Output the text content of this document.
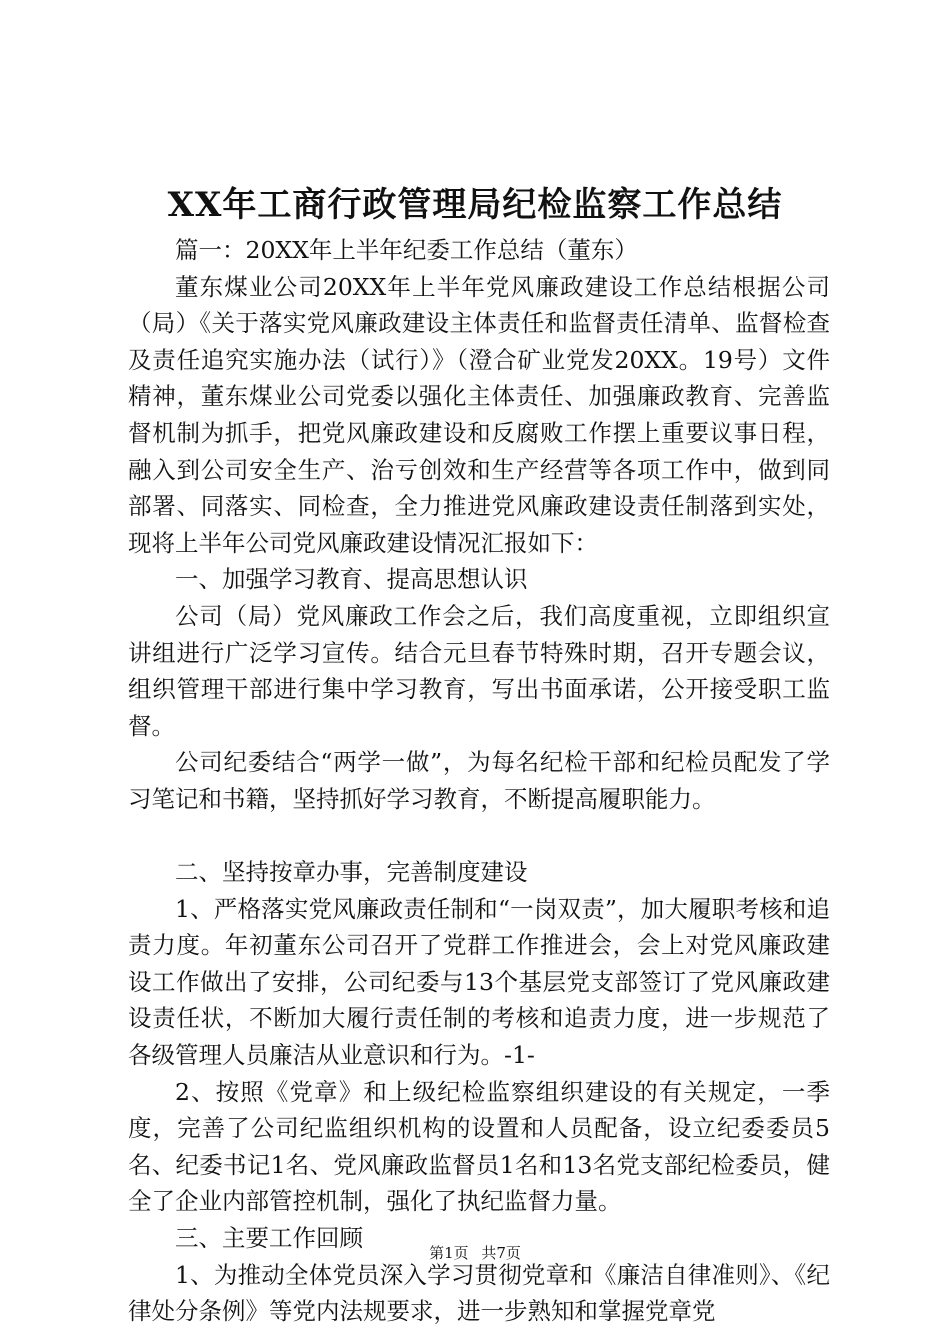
XX年工商行政管理局纪检监察工作总结

篇一：20XX年上半年纪委工作总结（董东）

董东煤业公司20XX年上半年党风廉政建设工作总结根据公司（局）《关于落实党风廉政建设主体责任和监督责任清单、监督检查及责任追究实施办法（试行）》（澄合矿业党发20XX。19号）文件精神，董东煤业公司党委以强化主体责任、加强廉政教育、完善监督机制为抓手，把党风廉政建设和反腐败工作摆上重要议事日程，融入到公司安全生产、治亏创效和生产经营等各项工作中，做到同部署、同落实、同检查，全力推进党风廉政建设责任制落到实处，现将上半年公司党风廉政建设情况汇报如下：

一、加强学习教育、提高思想认识

公司（局）党风廉政工作会之后，我们高度重视，立即组织宣讲组进行广泛学习宣传。结合元旦春节特殊时期，召开专题会议，组织管理干部进行集中学习教育，写出书面承诺，公开接受职工监督。

公司纪委结合“两学一做”，为每名纪检干部和纪检员配发了学习笔记和书籍，坚持抓好学习教育，不断提高履职能力。

二、坚持按章办事，完善制度建设

1、严格落实党风廉政责任制和“一岗双责”，加大履职考核和追责力度。年初董东公司召开了党群工作推进会，会上对党风廉政建设工作做出了安排，公司纪委与13个基层党支部签订了党风廉政建设责任状，不断加大履行责任制的考核和追责力度，进一步规范了各级管理人员廉洁从业意识和行为。-1-

2、按照《党章》和上级纪检监察组织建设的有关规定，一季度，完善了公司纪监组织机构的设置和人员配备，设立纪委委员5名、纪委书记1名、党风廉政监督员1名和13名党支部纪检委员，健全了企业内部管控机制，强化了执纪监督力量。

三、主要工作回顾

1、为推动全体党员深入学习贯彻党章和《廉洁自律准则》、《纪律处分条例》等党内法规要求，进一步熟知和掌握党章党

第1页 共7页
